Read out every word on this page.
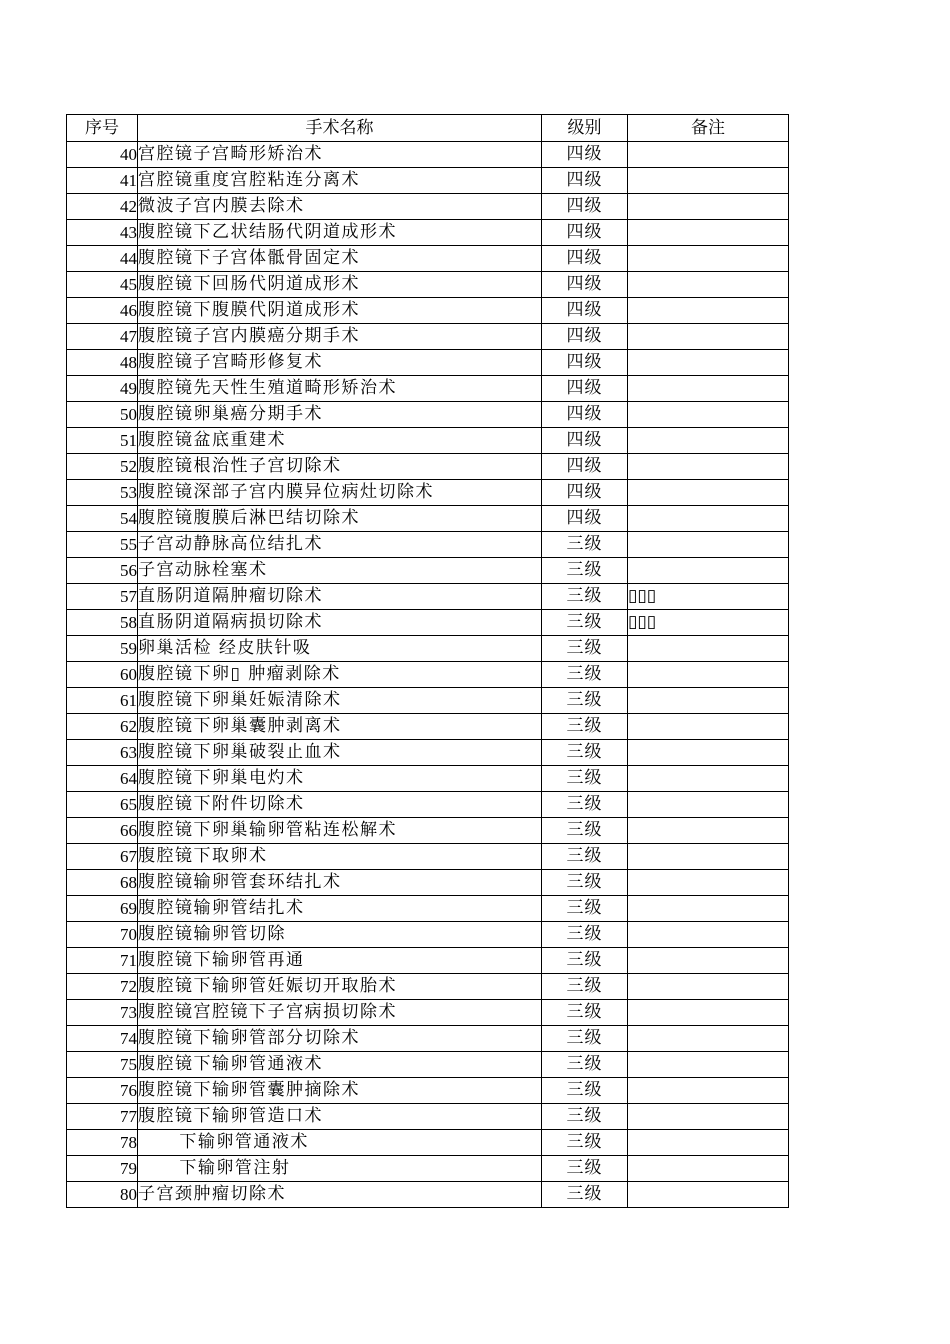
序号	手术名称	级别	备注
40	宫腔镜子宫畸形矫治术	四级	
41	宫腔镜重度宫腔粘连分离术	四级	
42	微波子宫内膜去除术	四级	
43	腹腔镜下乙状结肠代阴道成形术	四级	
44	腹腔镜下子宫体骶骨固定术	四级	
45	腹腔镜下回肠代阴道成形术	四级	
46	腹腔镜下腹膜代阴道成形术	四级	
47	腹腔镜子宫内膜癌分期手术	四级	
48	腹腔镜子宫畸形修复术	四级	
49	腹腔镜先天性生殖道畸形矫治术	四级	
50	腹腔镜卵巢癌分期手术	四级	
51	腹腔镜盆底重建术	四级	
52	腹腔镜根治性子宫切除术	四级	
53	腹腔镜深部子宫内膜异位病灶切除术	四级	
54	腹腔镜腹膜后淋巴结切除术	四级	
55	子宫动静脉高位结扎术	三级	
56	子宫动脉栓塞术	三级	
57	直肠阴道隔肿瘤切除术	三级	▯▯▯
58	直肠阴道隔病损切除术	三级	▯▯▯
59	卵巢活检 经皮肤针吸	三级	
60	腹腔镜下卵▯ 肿瘤剥除术	三级	
61	腹腔镜下卵巢妊娠清除术	三级	
62	腹腔镜下卵巢囊肿剥离术	三级	
63	腹腔镜下卵巢破裂止血术	三级	
64	腹腔镜下卵巢电灼术	三级	
65	腹腔镜下附件切除术	三级	
66	腹腔镜下卵巢输卵管粘连松解术	三级	
67	腹腔镜下取卵术	三级	
68	腹腔镜输卵管套环结扎术	三级	
69	腹腔镜输卵管结扎术	三级	
70	腹腔镜输卵管切除	三级	
71	腹腔镜下输卵管再通	三级	
72	腹腔镜下输卵管妊娠切开取胎术	三级	
73	腹腔镜宫腔镜下子宫病损切除术	三级	
74	腹腔镜下输卵管部分切除术	三级	
75	腹腔镜下输卵管通液术	三级	
76	腹腔镜下输卵管囊肿摘除术	三级	
77	腹腔镜下输卵管造口术	三级	
78	下输卵管通液术	三级	
79	下输卵管注射	三级	
80	子宫颈肿瘤切除术	三级	
